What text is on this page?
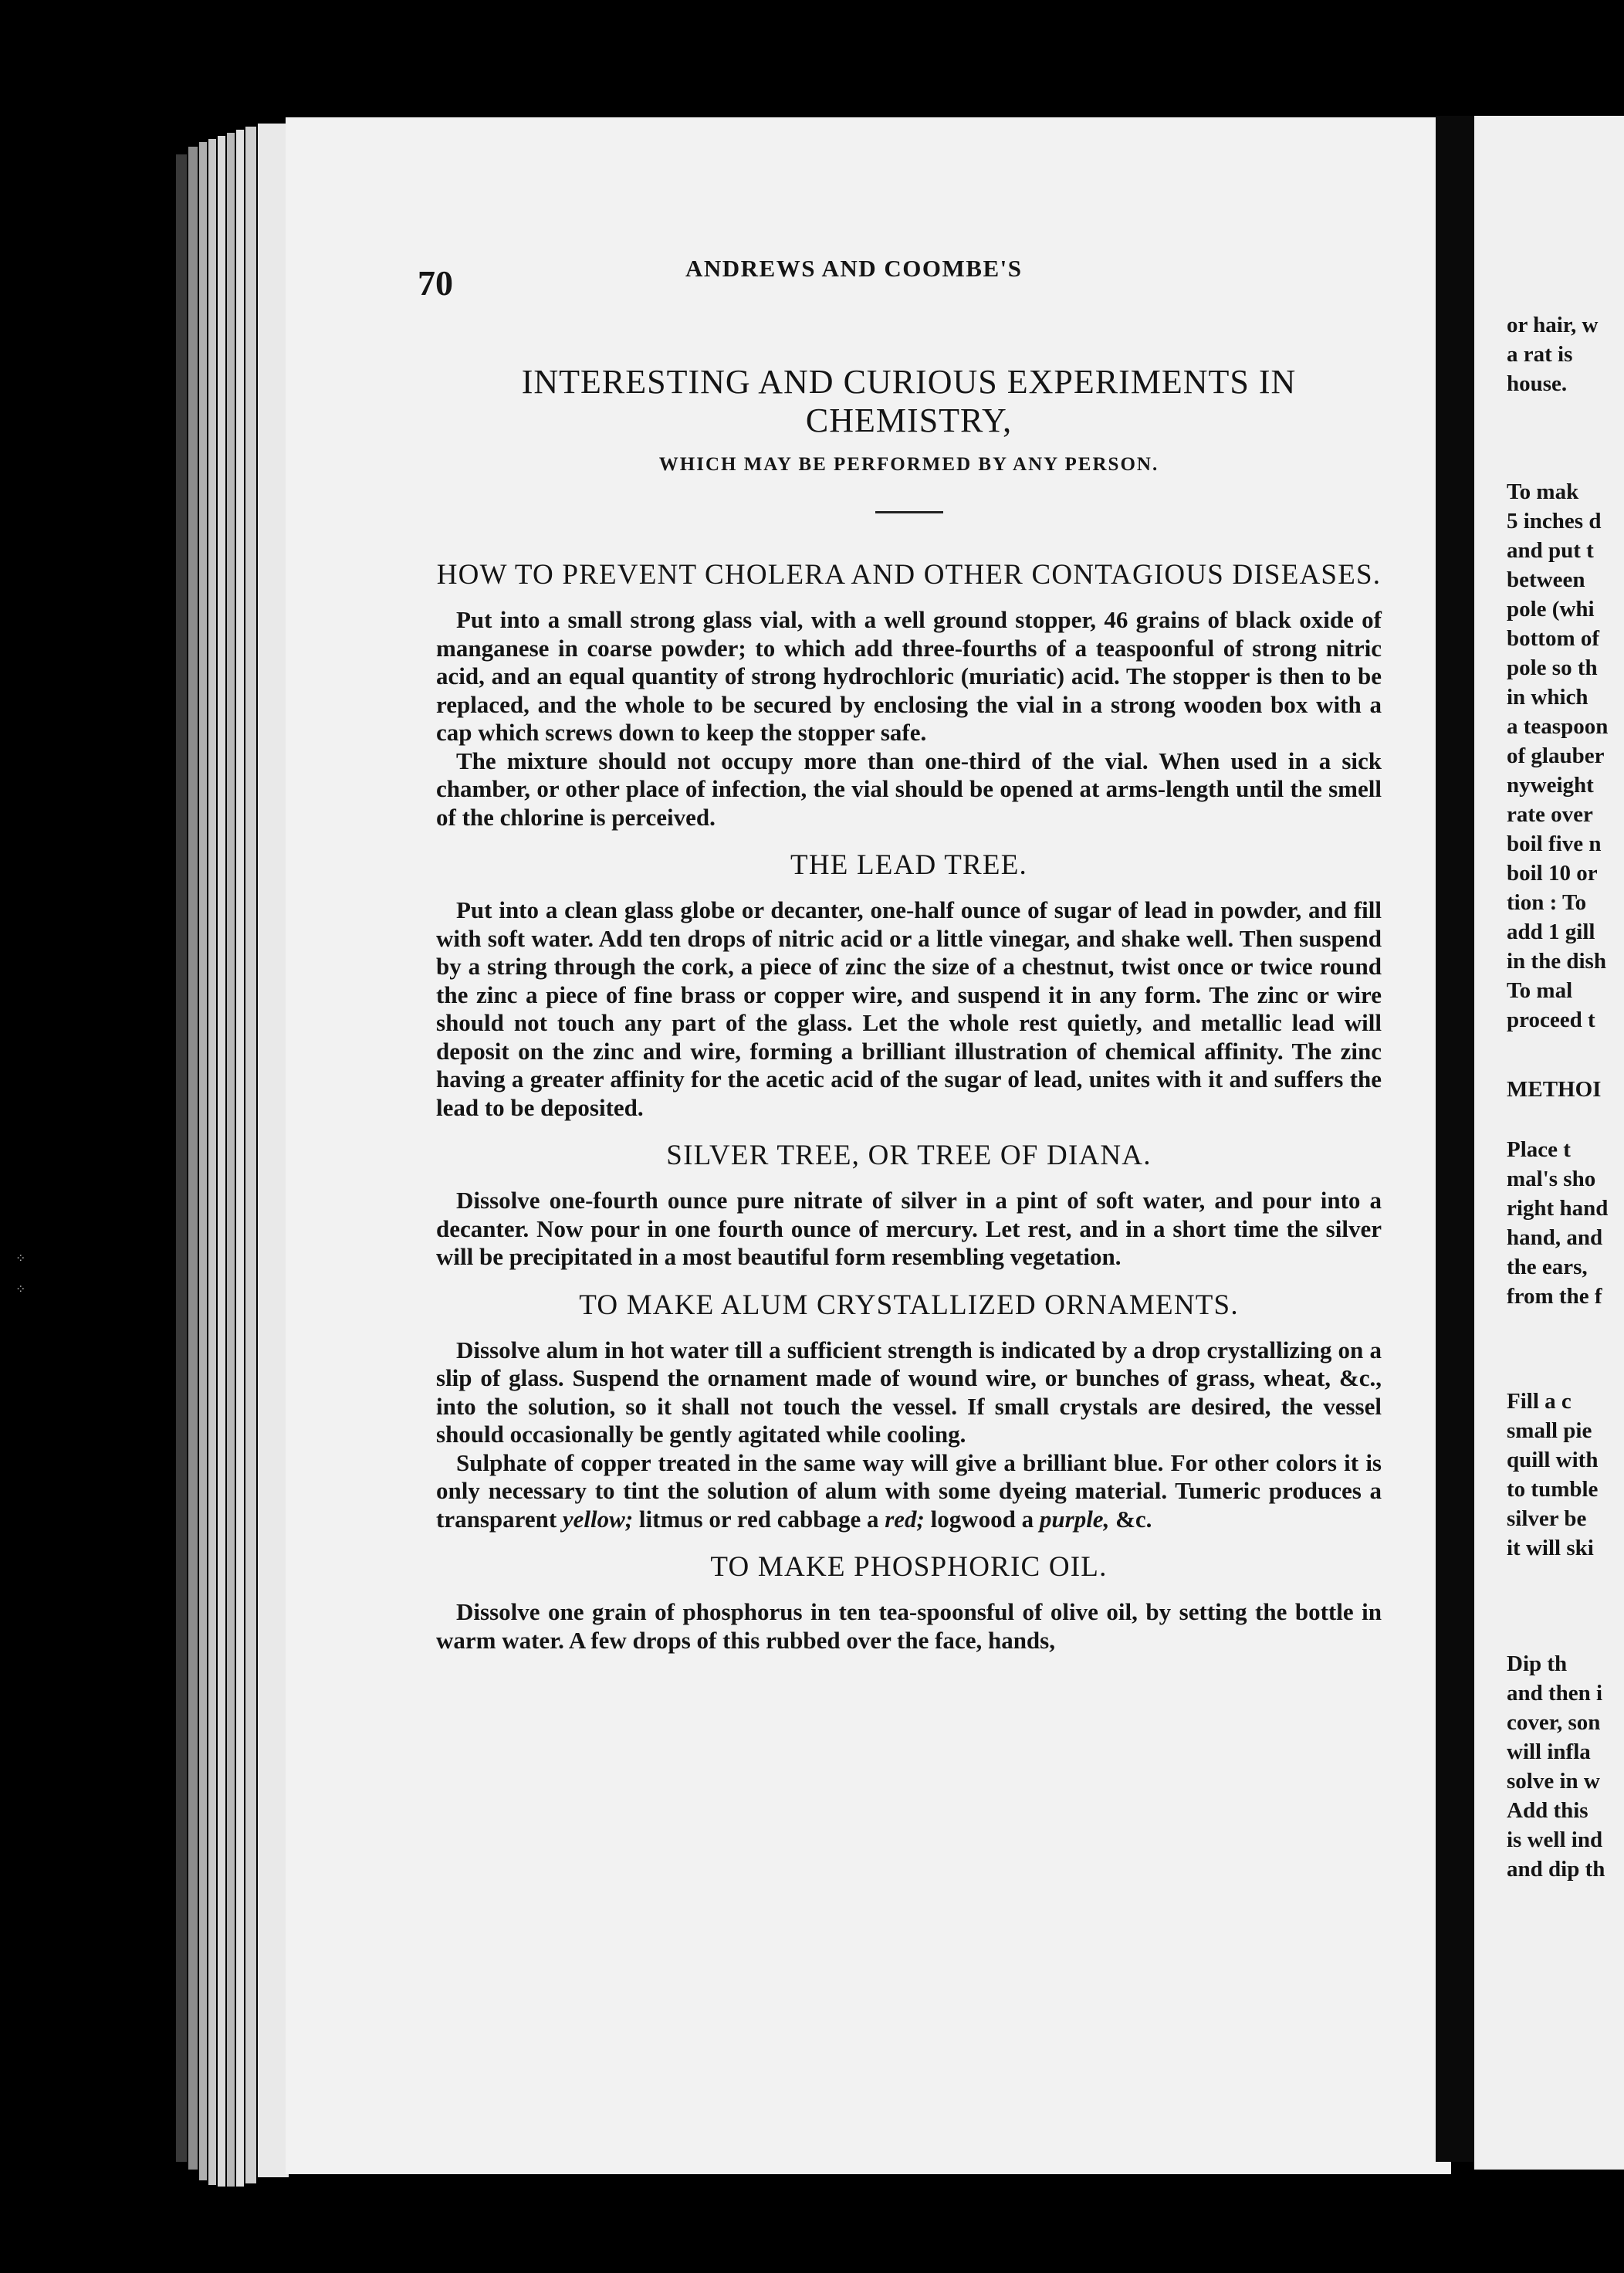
⁘
⁘
70	ANDREWS AND COOMBE'S
INTERESTING AND CURIOUS EXPERIMENTS IN CHEMISTRY,
WHICH MAY BE PERFORMED BY ANY PERSON.
HOW TO PREVENT CHOLERA AND OTHER CONTAGIOUS DISEASES.

Put into a small strong glass vial, with a well ground stopper, 46 grains of black oxide of manganese in coarse powder; to which add three-fourths of a teaspoonful of strong nitric acid, and an equal quantity of strong hydrochloric (muriatic) acid. The stopper is then to be replaced, and the whole to be secured by enclosing the vial in a strong wooden box with a cap which screws down to keep the stopper safe.

The mixture should not occupy more than one-third of the vial. When used in a sick chamber, or other place of infection, the vial should be opened at arms-length until the smell of the chlorine is perceived.

THE LEAD TREE.

Put into a clean glass globe or decanter, one-half ounce of sugar of lead in powder, and fill with soft water. Add ten drops of nitric acid or a little vinegar, and shake well. Then suspend by a string through the cork, a piece of zinc the size of a chestnut, twist once or twice round the zinc a piece of fine brass or copper wire, and suspend it in any form. The zinc or wire should not touch any part of the glass. Let the whole rest quietly, and metallic lead will deposit on the zinc and wire, forming a brilliant illustration of chemical affinity. The zinc having a greater affinity for the acetic acid of the sugar of lead, unites with it and suffers the lead to be deposited.

SILVER TREE, OR TREE OF DIANA.

Dissolve one-fourth ounce pure nitrate of silver in a pint of soft water, and pour into a decanter. Now pour in one fourth ounce of mercury. Let rest, and in a short time the silver will be precipitated in a most beautiful form resembling vegetation.

TO MAKE ALUM CRYSTALLIZED ORNAMENTS.

Dissolve alum in hot water till a sufficient strength is indicated by a drop crystallizing on a slip of glass. Suspend the ornament made of wound wire, or bunches of grass, wheat, &c., into the solution, so it shall not touch the vessel. If small crystals are desired, the vessel should occasionally be gently agitated while cooling.

Sulphate of copper treated in the same way will give a brilliant blue. For other colors it is only necessary to tint the solution of alum with some dyeing material. Tumeric produces a transparent yellow; litmus or red cabbage a red; logwood a purple, &c.

TO MAKE PHOSPHORIC OIL.

Dissolve one grain of phosphorus in ten tea-spoonsful of olive oil, by setting the bottle in warm water. A few drops of this rubbed over the face, hands,

or hair, w
a rat is
house.
To mak
5 inches d
and put t
between
pole (whi
bottom of
pole so th
in which
a teaspoon
of glauber
nyweight
rate over
boil five n
boil 10 or
tion : To
add 1 gill
in the dish
To mal
proceed t
METHOI
Place t
mal's sho
right hand
hand, and
the ears,
from the f
Fill a c
small pie
quill with
to tumble
silver be
it will ski
Dip th
and then i
cover, son
will infla
solve in w
Add this
is well ind
and dip th
